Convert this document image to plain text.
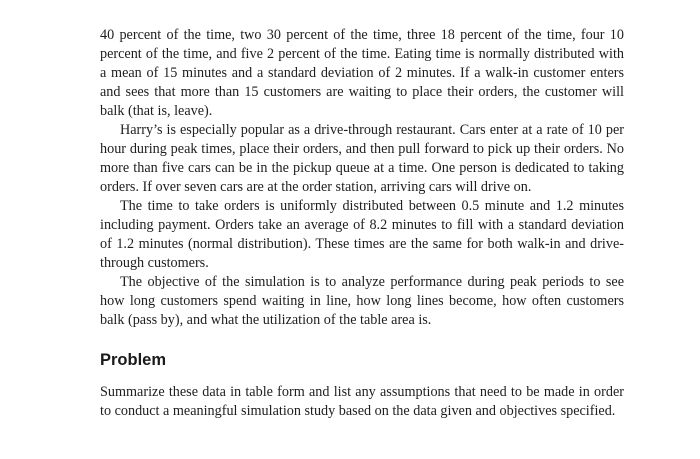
40 percent of the time, two 30 percent of the time, three 18 percent of the time, four 10 percent of the time, and five 2 percent of the time. Eating time is normally distributed with a mean of 15 minutes and a standard deviation of 2 minutes. If a walk-in customer enters and sees that more than 15 customers are waiting to place their orders, the customer will balk (that is, leave).

Harry’s is especially popular as a drive-through restaurant. Cars enter at a rate of 10 per hour during peak times, place their orders, and then pull forward to pick up their orders. No more than five cars can be in the pickup queue at a time. One person is dedicated to taking orders. If over seven cars are at the order station, arriving cars will drive on.

The time to take orders is uniformly distributed between 0.5 minute and 1.2 minutes including payment. Orders take an average of 8.2 minutes to fill with a standard deviation of 1.2 minutes (normal distribution). These times are the same for both walk-in and drive-through customers.

The objective of the simulation is to analyze performance during peak periods to see how long customers spend waiting in line, how long lines become, how often customers balk (pass by), and what the utilization of the table area is.

Problem

Summarize these data in table form and list any assumptions that need to be made in order to conduct a meaningful simulation study based on the data given and objectives specified.
